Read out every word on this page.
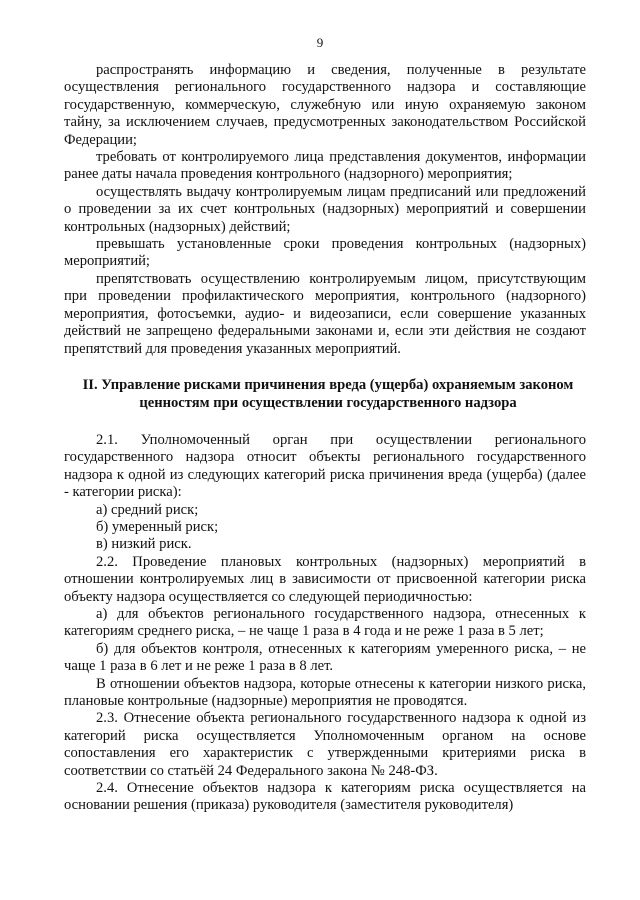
9

распространять информацию и сведения, полученные в результате осуществления регионального государственного надзора и составляющие государственную, коммерческую, служебную или иную охраняемую законом тайну, за исключением случаев, предусмотренных законодательством Российской Федерации;

требовать от контролируемого лица представления документов, информации ранее даты начала проведения контрольного (надзорного) мероприятия;

осуществлять выдачу контролируемым лицам предписаний или предложений о проведении за их счет контрольных (надзорных) мероприятий и совершении контрольных (надзорных) действий;

превышать установленные сроки проведения контрольных (надзорных) мероприятий;

препятствовать осуществлению контролируемым лицом, присутствующим при проведении профилактического мероприятия, контрольного (надзорного) мероприятия, фотосъемки, аудио- и видеозаписи, если совершение указанных действий не запрещено федеральными законами и, если эти действия не создают препятствий для проведения указанных мероприятий.

II. Управление рисками причинения вреда (ущерба) охраняемым законом ценностям при осуществлении государственного надзора

2.1. Уполномоченный орган при осуществлении регионального государственного надзора относит объекты регионального государственного надзора к одной из следующих категорий риска причинения вреда (ущерба) (далее - категории риска):

а) средний риск;

б) умеренный риск;

в) низкий риск.

2.2. Проведение плановых контрольных (надзорных) мероприятий в отношении контролируемых лиц в зависимости от присвоенной категории риска объекту надзора осуществляется со следующей периодичностью:

а) для объектов регионального государственного надзора, отнесенных к категориям среднего риска, – не чаще 1 раза в 4 года и не реже 1 раза в 5 лет;

б) для объектов контроля, отнесенных к категориям умеренного риска, – не чаще 1 раза в 6 лет и не реже 1 раза в 8 лет.

В отношении объектов надзора, которые отнесены к категории низкого риска, плановые контрольные (надзорные) мероприятия не проводятся.

2.3. Отнесение объекта регионального государственного надзора к одной из категорий риска осуществляется Уполномоченным органом на основе сопоставления его характеристик с утвержденными критериями риска в соответствии со статьёй 24 Федерального закона № 248-ФЗ.

2.4. Отнесение объектов надзора к категориям риска осуществляется на основании решения (приказа) руководителя (заместителя руководителя)
